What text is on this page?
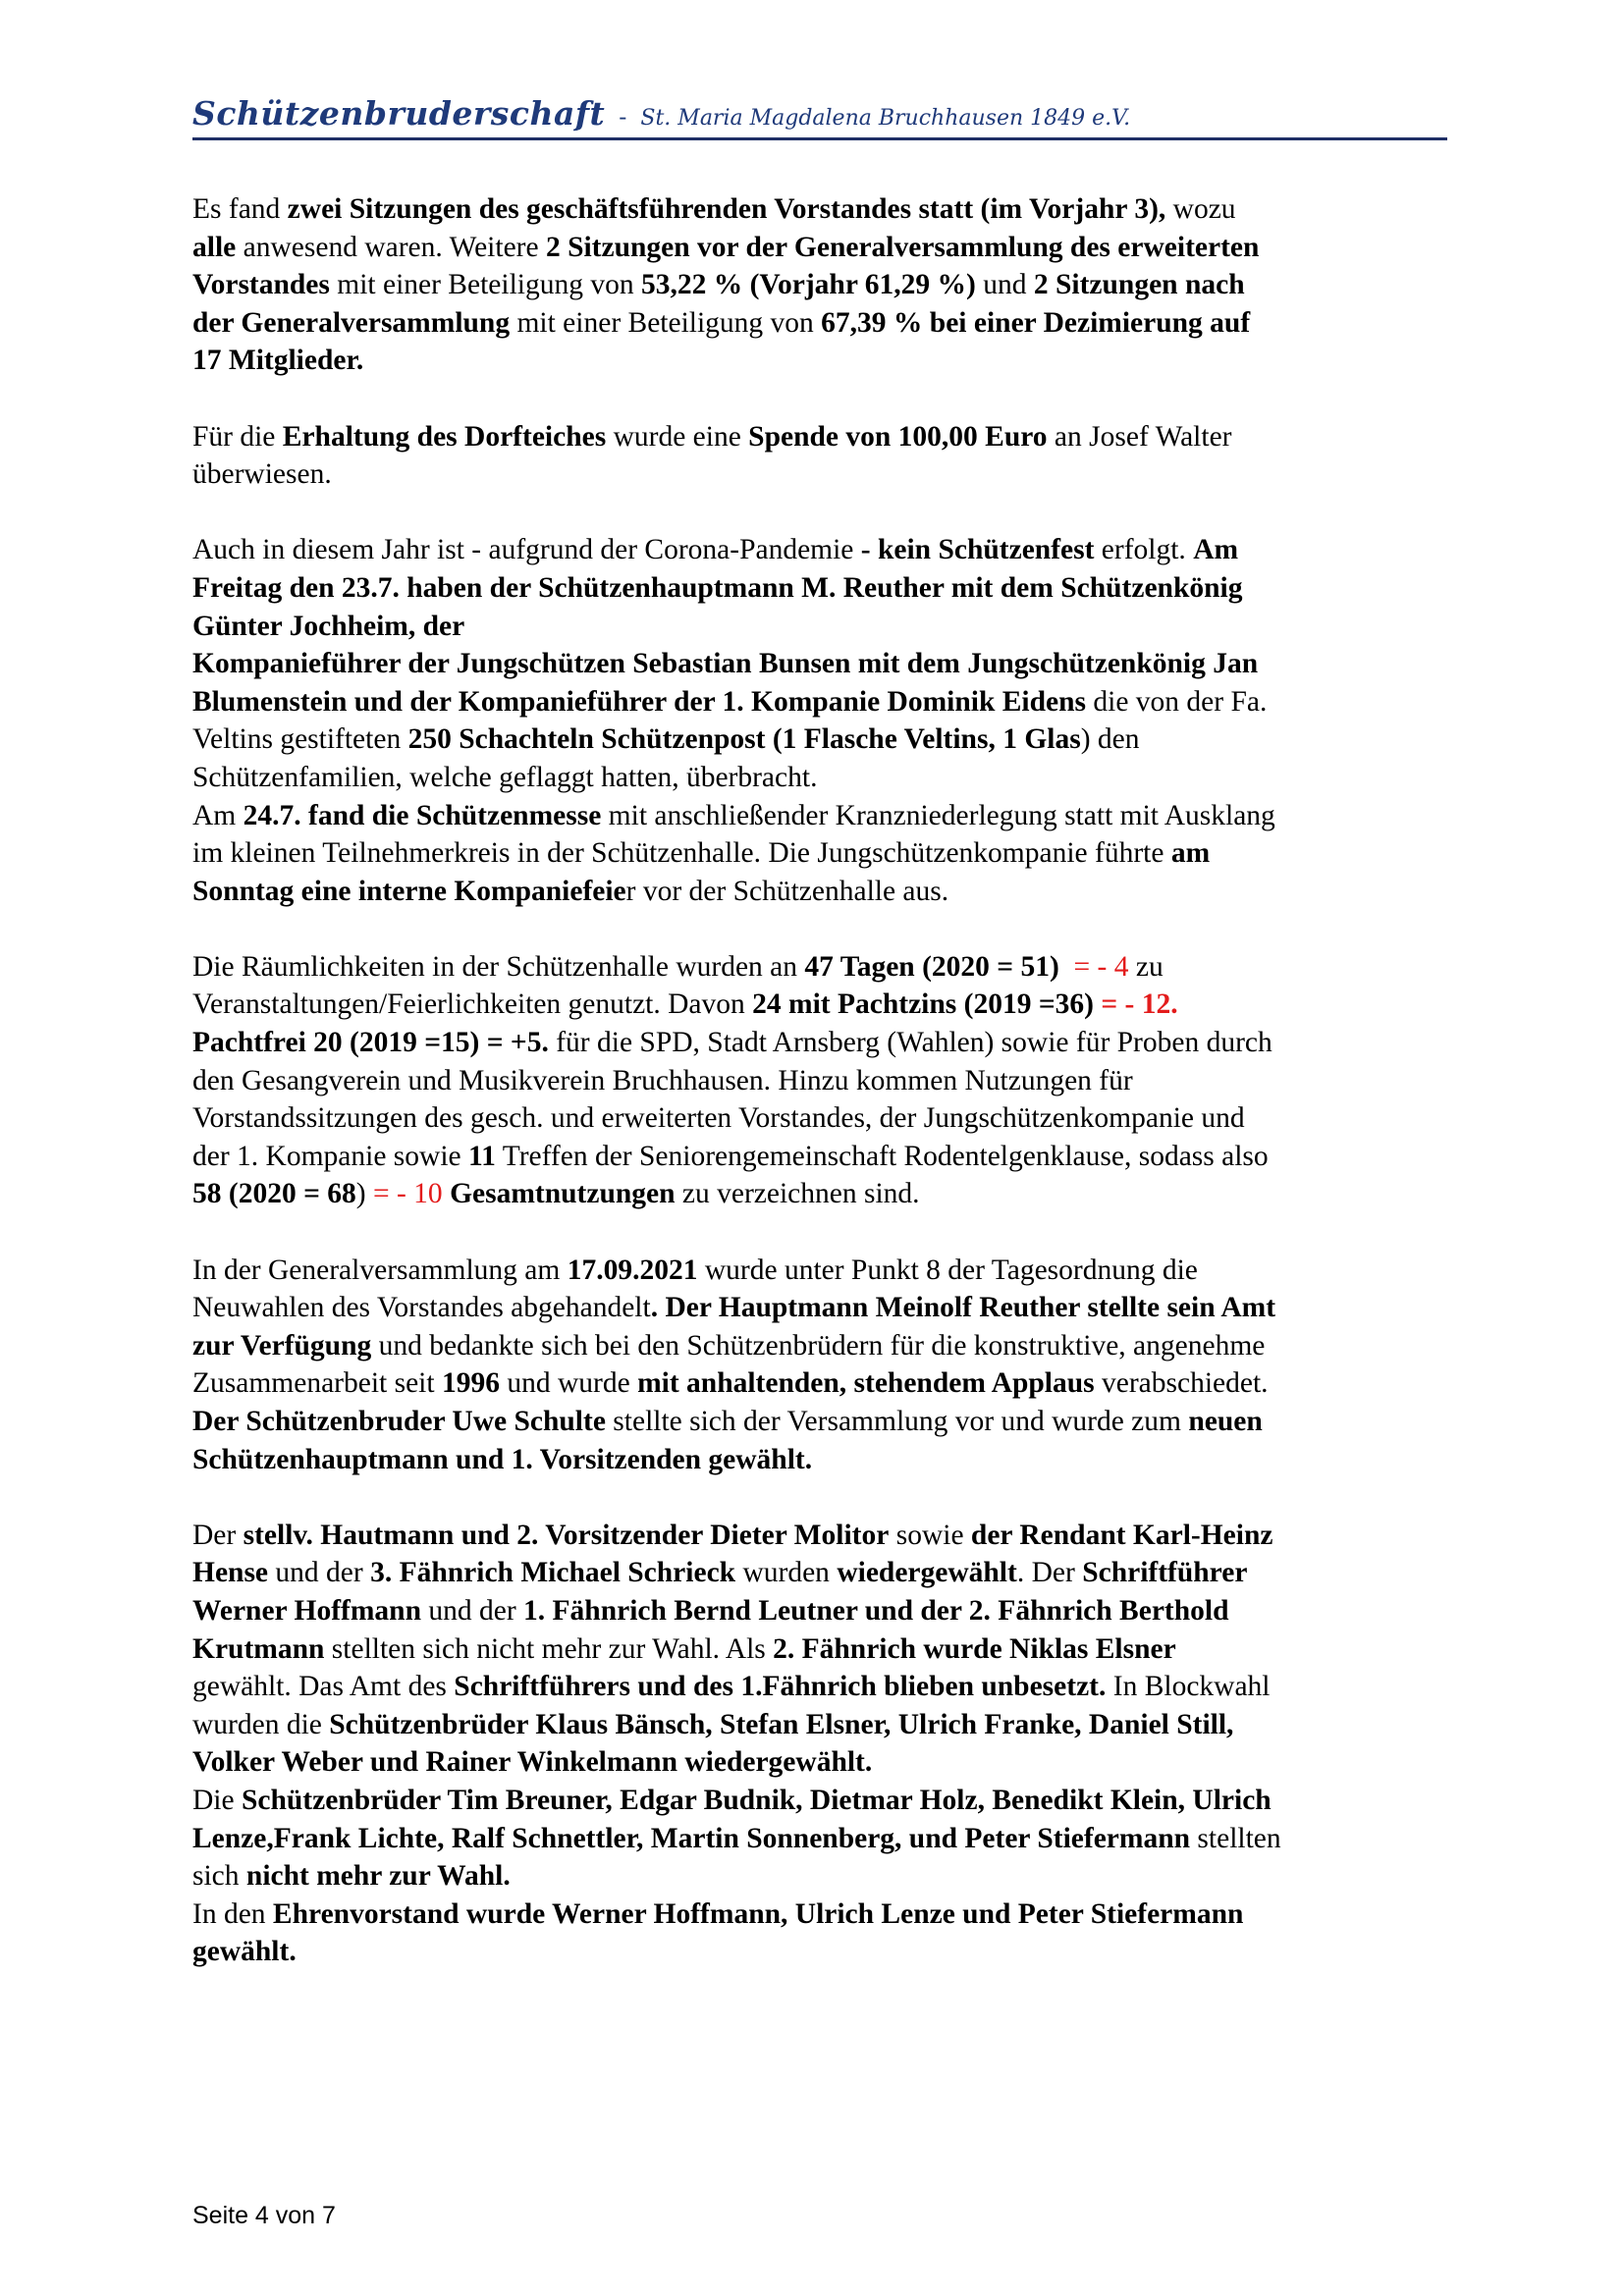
Schützenbruderschaft - St. Maria Magdalena Bruchhausen 1849 e.V.
Es fand zwei Sitzungen des geschäftsführenden Vorstandes statt (im Vorjahr 3), wozu
alle anwesend waren. Weitere 2 Sitzungen vor der Generalversammlung des erweiterten
Vorstandes mit einer Beteiligung von 53,22 % (Vorjahr 61,29 %) und 2 Sitzungen nach
der Generalversammlung mit einer Beteiligung von 67,39 % bei einer Dezimierung auf
17 Mitglieder.
Für die Erhaltung des Dorfteiches wurde eine Spende von 100,00 Euro an Josef Walter
überwiesen.
Auch in diesem Jahr ist - aufgrund der Corona-Pandemie - kein Schützenfest erfolgt. Am
Freitag den 23.7. haben der Schützenhauptmann M. Reuther mit dem Schützenkönig
Günter Jochheim, der
Kompanieführer der Jungschützen Sebastian Bunsen mit dem Jungschützenkönig Jan
Blumenstein und der Kompanieführer der 1. Kompanie Dominik Eidens die von der Fa.
Veltins gestifteten 250 Schachteln Schützenpost (1 Flasche Veltins, 1 Glas) den
Schützenfamilien, welche geflaggt hatten, überbracht.
Am 24.7. fand die Schützenmesse mit anschließender Kranzniederlegung statt mit Ausklang
im kleinen Teilnehmerkreis in der Schützenhalle. Die Jungschützenkompanie führte am
Sonntag eine interne Kompaniefeier vor der Schützenhalle aus.
Die Räumlichkeiten in der Schützenhalle wurden an 47 Tagen (2020 = 51) = - 4 zu
Veranstaltungen/Feierlichkeiten genutzt. Davon 24 mit Pachtzins (2019 =36) = - 12.
Pachtfrei 20 (2019 =15) = +5. für die SPD, Stadt Arnsberg (Wahlen) sowie für Proben durch
den Gesangverein und Musikverein Bruchhausen. Hinzu kommen Nutzungen für
Vorstandssitzungen des gesch. und erweiterten Vorstandes, der Jungschützenkompanie und
der 1. Kompanie sowie 11 Treffen der Seniorengemeinschaft Rodentelgenklause, sodass also
58 (2020 = 68) = - 10 Gesamtnutzungen zu verzeichnen sind.
In der Generalversammlung am 17.09.2021 wurde unter Punkt 8 der Tagesordnung die
Neuwahlen des Vorstandes abgehandelt. Der Hauptmann Meinolf Reuther stellte sein Amt
zur Verfügung und bedankte sich bei den Schützenbrüdern für die konstruktive, angenehme
Zusammenarbeit seit 1996 und wurde mit anhaltenden, stehendem Applaus verabschiedet.
Der Schützenbruder Uwe Schulte stellte sich der Versammlung vor und wurde zum neuen
Schützenhauptmann und 1. Vorsitzenden gewählt.
Der stellv. Hautmann und 2. Vorsitzender Dieter Molitor sowie der Rendant Karl-Heinz
Hense und der 3. Fähnrich Michael Schrieck wurden wiedergewählt. Der Schriftführer
Werner Hoffmann und der 1. Fähnrich Bernd Leutner und der 2. Fähnrich Berthold
Krutmann stellten sich nicht mehr zur Wahl. Als 2. Fähnrich wurde Niklas Elsner
gewählt. Das Amt des Schriftführers und des 1.Fähnrich blieben unbesetzt. In Blockwahl
wurden die Schützenbrüder Klaus Bänsch, Stefan Elsner, Ulrich Franke, Daniel Still,
Volker Weber und Rainer Winkelmann wiedergewählt.
Die Schützenbrüder Tim Breuner, Edgar Budnik, Dietmar Holz, Benedikt Klein, Ulrich
Lenze,Frank Lichte, Ralf Schnettler, Martin Sonnenberg, und Peter Stiefermann stellten
sich nicht mehr zur Wahl.
In den Ehrenvorstand wurde Werner Hoffmann, Ulrich Lenze und Peter Stiefermann
gewählt.
Seite 4 von 7
